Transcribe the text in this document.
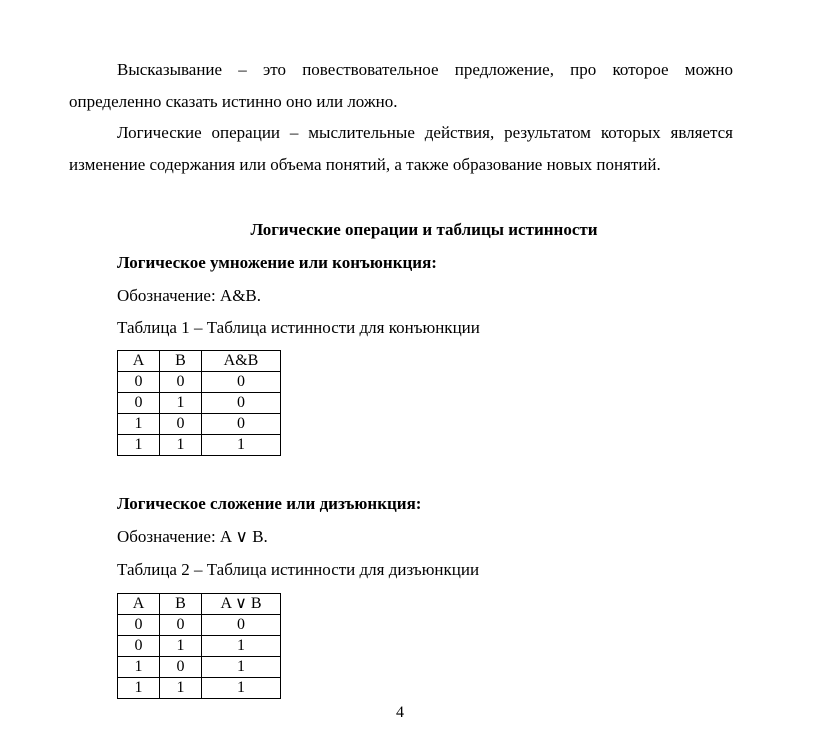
Высказывание – это повествовательное предложение, про которое можно определенно сказать истинно оно или ложно.

Логические операции – мыслительные действия, результатом которых является изменение содержания или объема понятий, а также образование новых понятий.

Логические операции и таблицы истинности
Логическое умножение или конъюнкция:
Обозначение: A&B.
Таблица 1 – Таблица истинности для конъюнкции
A	B	A&B
0	0	0
0	1	0
1	0	0
1	1	1
Логическое сложение или дизъюнкция:
Обозначение: A ∨ B.
Таблица 2 – Таблица истинности для дизъюнкции
A	B	A ∨ B
0	0	0
0	1	1
1	0	1
1	1	1
4
